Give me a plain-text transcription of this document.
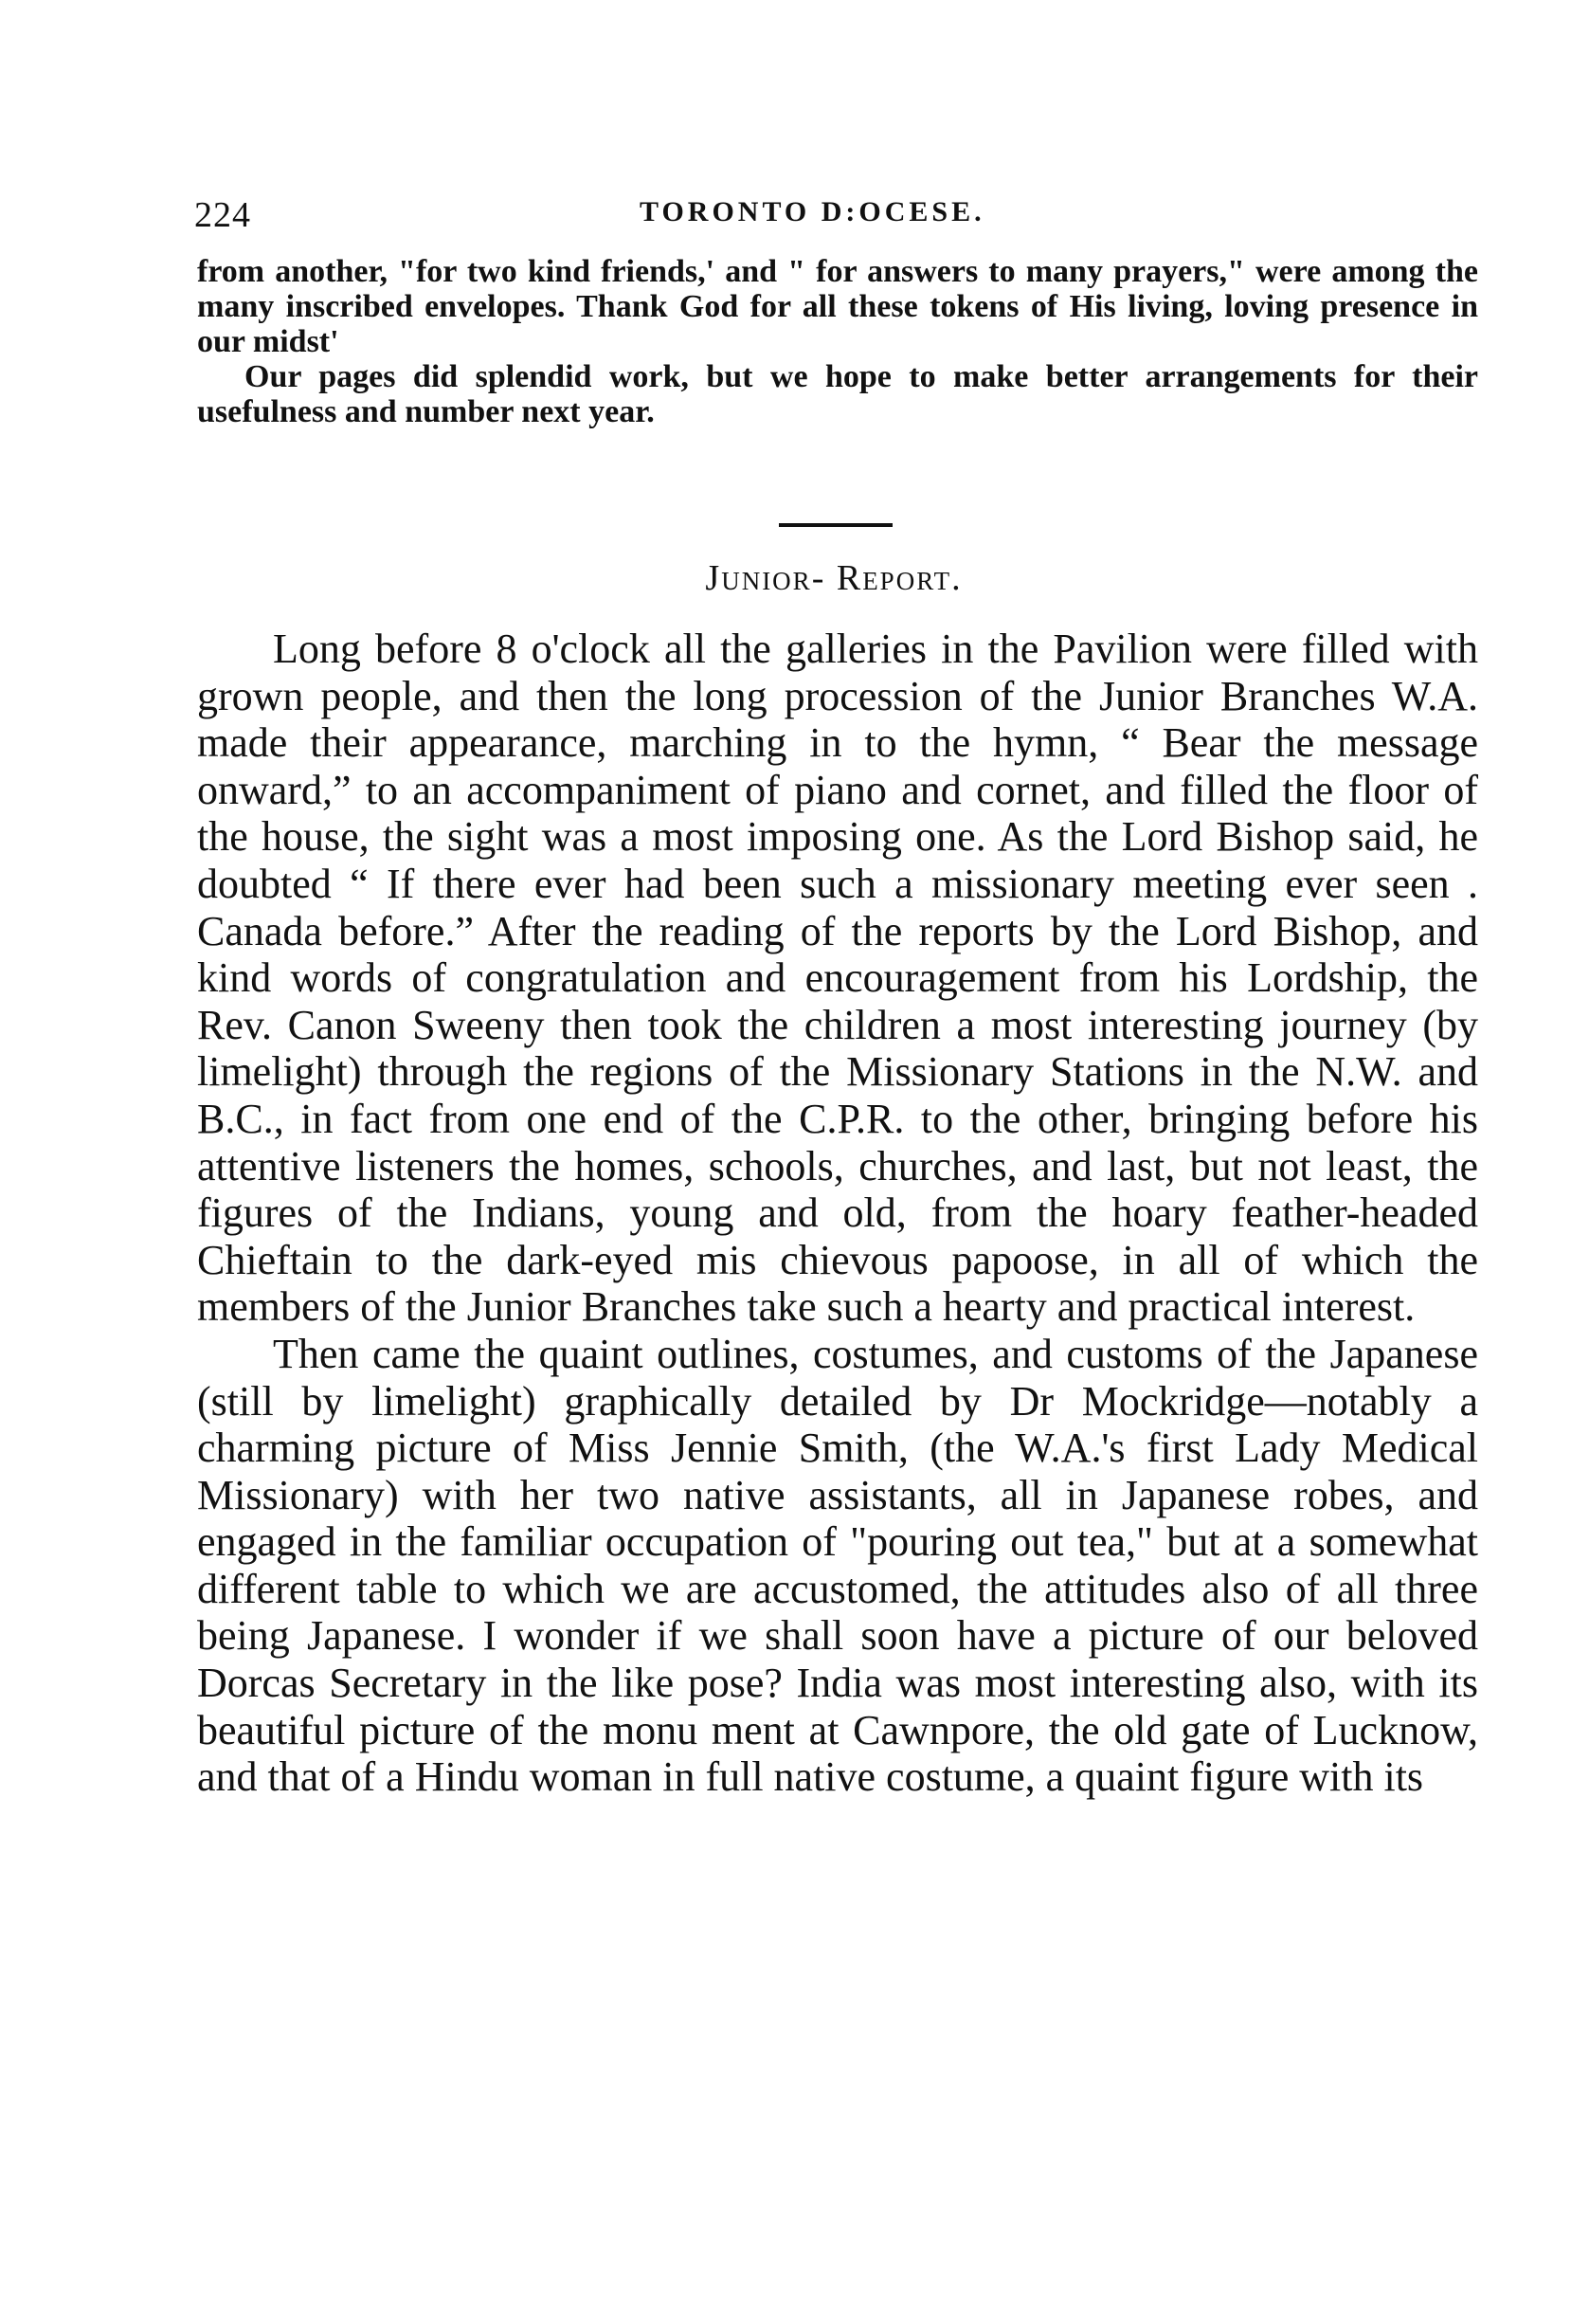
224	TORONTO D:OCESE.

from another, "for two kind friends,' and " for answers to many prayers," were among the many inscribed envelopes. Thank God for all these tokens of His living, loving presence in our midst'

Our pages did splendid work, but we hope to make better arrangements for their usefulness and number next year.

Junior- Report.

Long before 8 o'clock all the galleries in the Pavilion were filled with grown people, and then the long procession of the Junior Branches W.A. made their appearance, marching in to the hymn, “ Bear the message onward,” to an accompaniment of piano and cornet, and filled the floor of the house, the sight was a most imposing one. As the Lord Bishop said, he doubted “ If there ever had been such a missionary meeting ever seen . Canada before.” After the reading of the reports by the Lord Bishop, and kind words of congratulation and encouragement from his Lordship, the Rev. Canon Sweeny then took the children a most interesting journey (by limelight) through the regions of the Missionary Stations in the N.W. and B.C., in fact from one end of the C.P.R. to the other, bringing before his attentive listeners the homes, schools, churches, and last, but not least, the figures of the Indians, young and old, from the hoary feather-headed Chieftain to the dark-eyed mis chievous papoose, in all of which the members of the Junior Branches take such a hearty and practical interest.

Then came the quaint outlines, costumes, and customs of the Japanese (still by limelight) graphically detailed by Dr Mockridge—notably a charming picture of Miss Jennie Smith, (the W.A.'s first Lady Medical Missionary) with her two native assistants, all in Japanese robes, and engaged in the familiar occupation of "pouring out tea," but at a somewhat different table to which we are accustomed, the attitudes also of all three being Japanese. I wonder if we shall soon have a picture of our beloved Dorcas Secretary in the like pose? India was most interesting also, with its beautiful picture of the monu ment at Cawnpore, the old gate of Lucknow, and that of a Hindu woman in full native costume, a quaint figure with its
